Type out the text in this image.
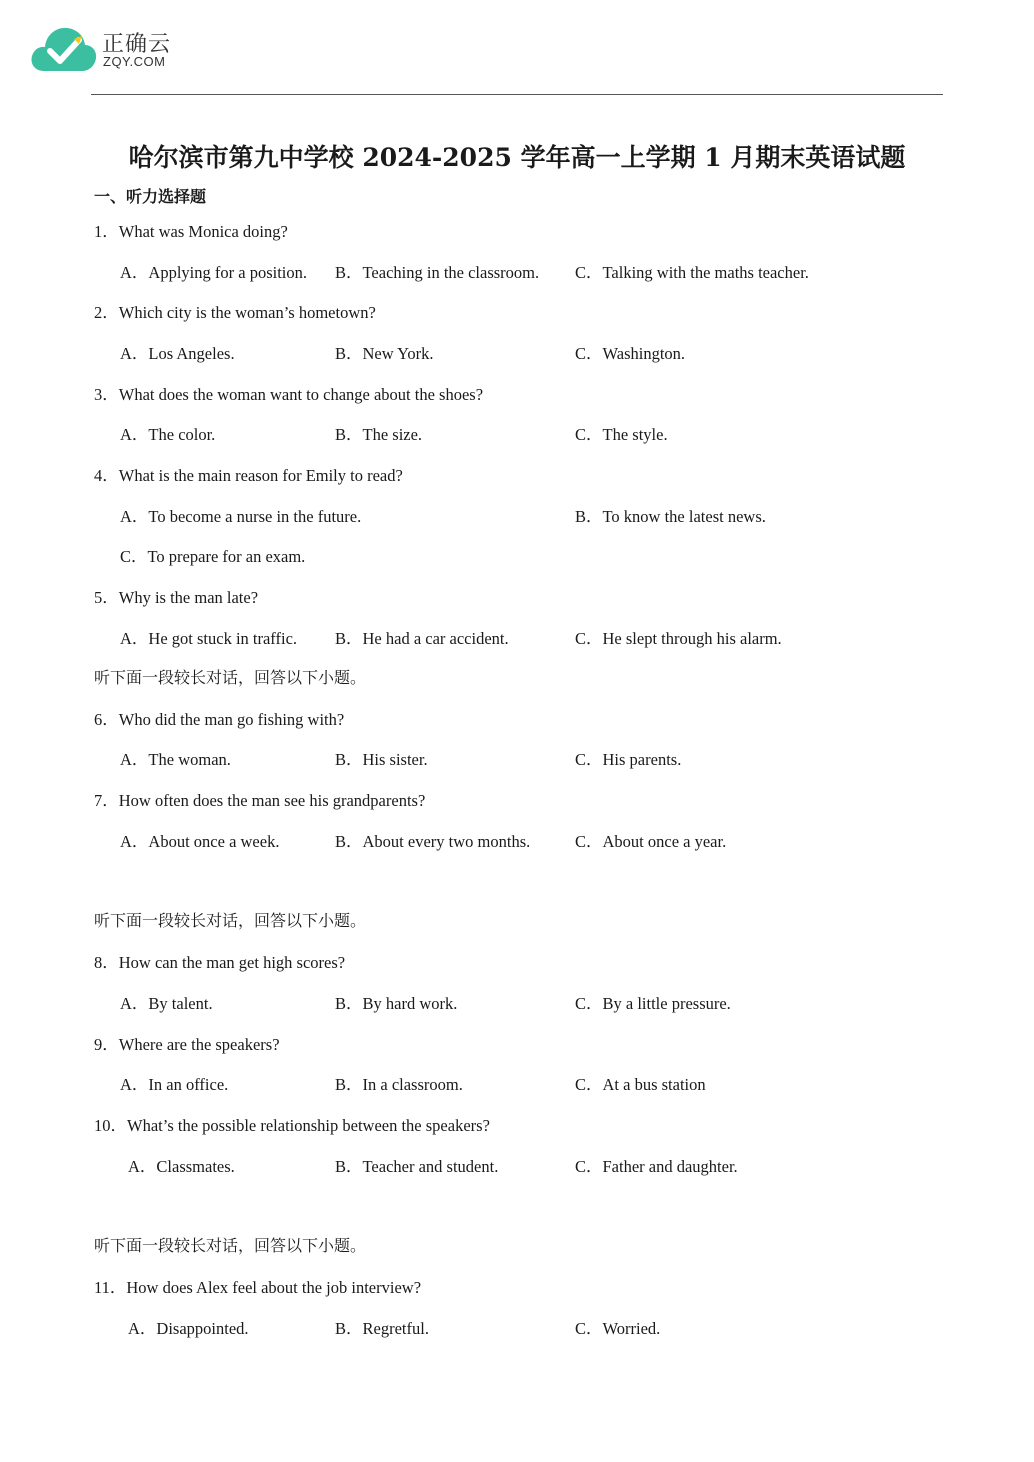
正确云
ZQY.COM
哈尔滨市第九中学校 2024-2025 学年高一上学期 1 月期末英语试题
一、听力选择题
1．What was Monica doing?
A．Applying for a position. B．Teaching in the classroom. C．Talking with the maths teacher.
2．Which city is the woman’s hometown?
A．Los Angeles.	B．New York.	C．Washington.
3．What does the woman want to change about the shoes?
A．The color.	B．The size.	C．The style.
4．What is the main reason for Emily to read?
A．To become a nurse in the future.	B．To know the latest news.
C．To prepare for an exam.
5．Why is the man late?
A．He got stuck in traffic. B．He had a car accident.	C．He slept through his alarm.
听下面一段较长对话，回答以下小题。
6．Who did the man go fishing with?
A．The woman.	B．His sister.	C．His parents.
7．How often does the man see his grandparents?
A．About once a week.	B．About every two months.	C．About once a year.
听下面一段较长对话，回答以下小题。
8．How can the man get high scores?
A．By talent.	B．By hard work.	C．By a little pressure.
9．Where are the speakers?
A．In an office.	B．In a classroom.	C．At a bus station
10．What’s the possible relationship between the speakers?
A．Classmates.	B．Teacher and student.	C．Father and daughter.
听下面一段较长对话，回答以下小题。
11．How does Alex feel about the job interview?
A．Disappointed.	B．Regretful.	C．Worried.
